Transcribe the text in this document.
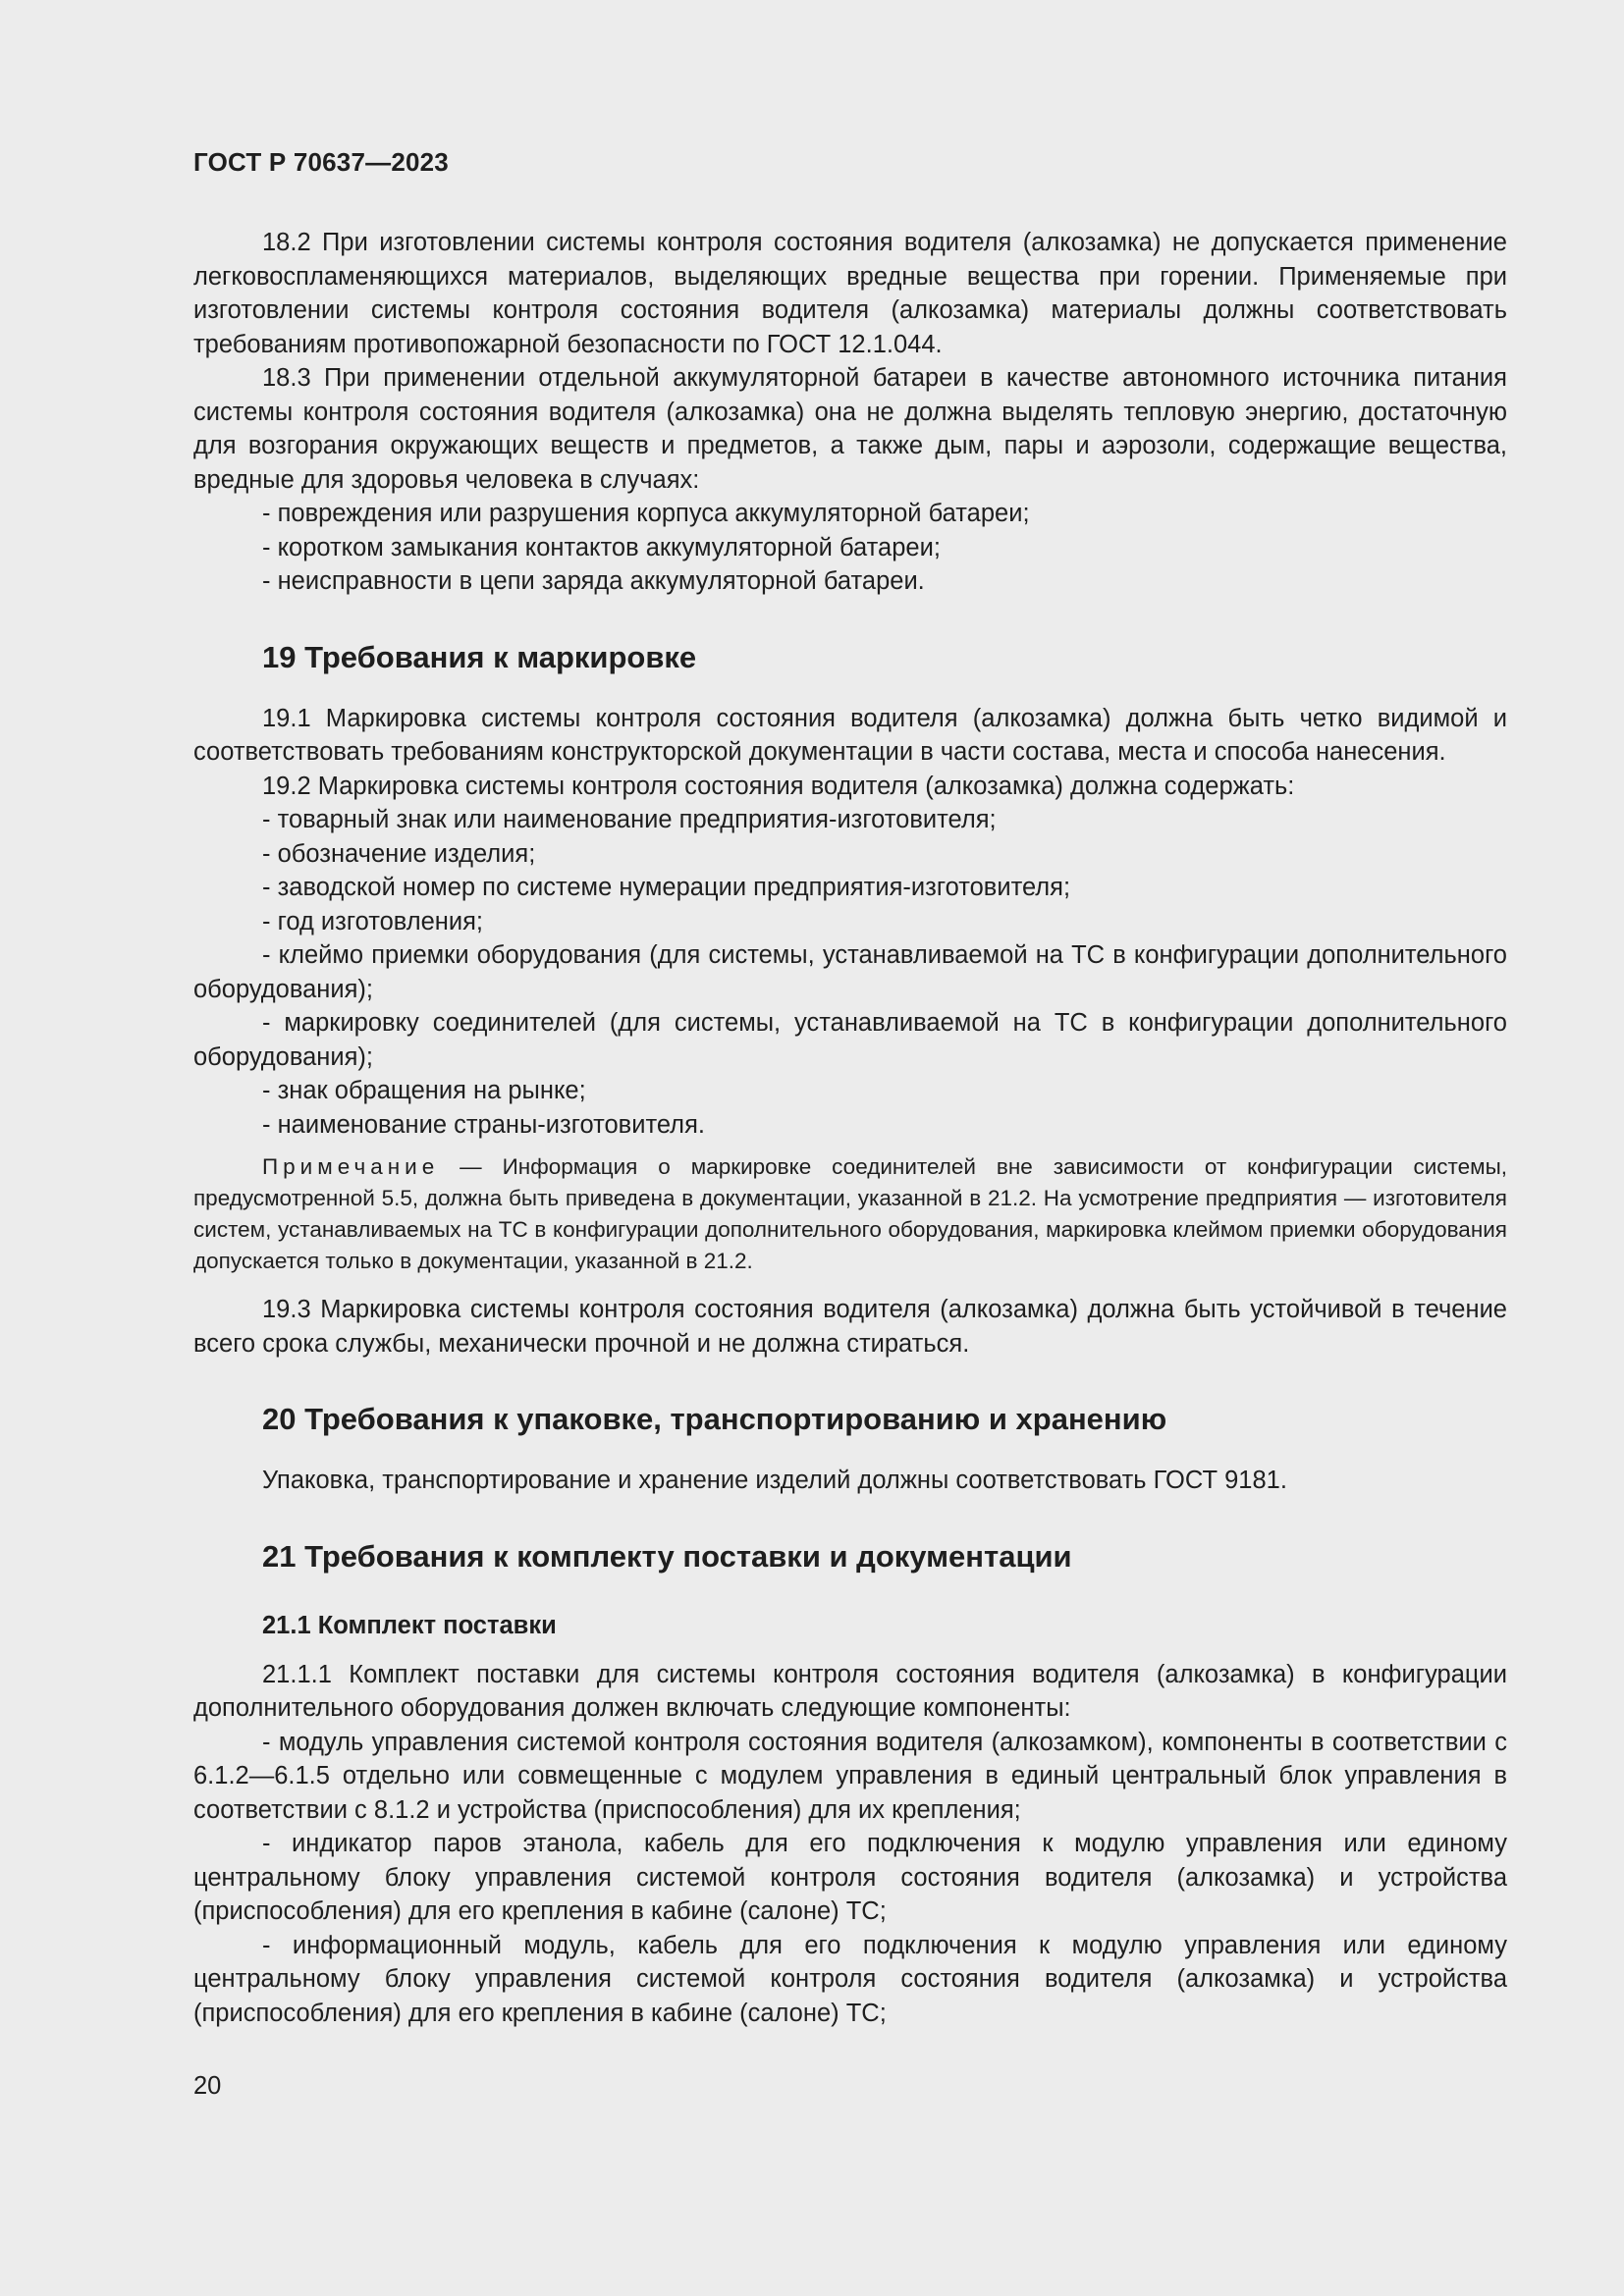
ГОСТ Р 70637—2023

18.2 При изготовлении системы контроля состояния водителя (алкозамка) не допускается применение легковоспламеняющихся материалов, выделяющих вредные вещества при горении. Применяемые при изготовлении системы контроля состояния водителя (алкозамка) материалы должны соответствовать требованиям противопожарной безопасности по ГОСТ 12.1.044.

18.3 При применении отдельной аккумуляторной батареи в качестве автономного источника питания системы контроля состояния водителя (алкозамка) она не должна выделять тепловую энергию, достаточную для возгорания окружающих веществ и предметов, а также дым, пары и аэрозоли, содержащие вещества, вредные для здоровья человека в случаях:

- повреждения или разрушения корпуса аккумуляторной батареи;

- коротком замыкания контактов аккумуляторной батареи;

- неисправности в цепи заряда аккумуляторной батареи.

19 Требования к маркировке

19.1 Маркировка системы контроля состояния водителя (алкозамка) должна быть четко видимой и соответствовать требованиям конструкторской документации в части состава, места и способа нанесения.

19.2 Маркировка системы контроля состояния водителя (алкозамка) должна содержать:

- товарный знак или наименование предприятия-изготовителя;

- обозначение изделия;

- заводской номер по системе нумерации предприятия-изготовителя;

- год изготовления;

- клеймо приемки оборудования (для системы, устанавливаемой на ТС в конфигурации дополнительного оборудования);

- маркировку соединителей (для системы, устанавливаемой на ТС в конфигурации дополнительного оборудования);

- знак обращения на рынке;

- наименование страны-изготовителя.

Примечание — Информация о маркировке соединителей вне зависимости от конфигурации системы, предусмотренной 5.5, должна быть приведена в документации, указанной в 21.2. На усмотрение предприятия — изготовителя систем, устанавливаемых на ТС в конфигурации дополнительного оборудования, маркировка клеймом приемки оборудования допускается только в документации, указанной в 21.2.

19.3 Маркировка системы контроля состояния водителя (алкозамка) должна быть устойчивой в течение всего срока службы, механически прочной и не должна стираться.

20 Требования к упаковке, транспортированию и хранению

Упаковка, транспортирование и хранение изделий должны соответствовать ГОСТ 9181.

21 Требования к комплекту поставки и документации

21.1 Комплект поставки

21.1.1 Комплект поставки для системы контроля состояния водителя (алкозамка) в конфигурации дополнительного оборудования должен включать следующие компоненты:

- модуль управления системой контроля состояния водителя (алкозамком), компоненты в соответствии с 6.1.2—6.1.5 отдельно или совмещенные с модулем управления в единый центральный блок управления в соответствии с 8.1.2 и устройства (приспособления) для их крепления;

- индикатор паров этанола, кабель для его подключения к модулю управления или единому центральному блоку управления системой контроля состояния водителя (алкозамка) и устройства (приспособления) для его крепления в кабине (салоне) ТС;

- информационный модуль, кабель для его подключения к модулю управления или единому центральному блоку управления системой контроля состояния водителя (алкозамка) и устройства (приспособления) для его крепления в кабине (салоне) ТС;

20
